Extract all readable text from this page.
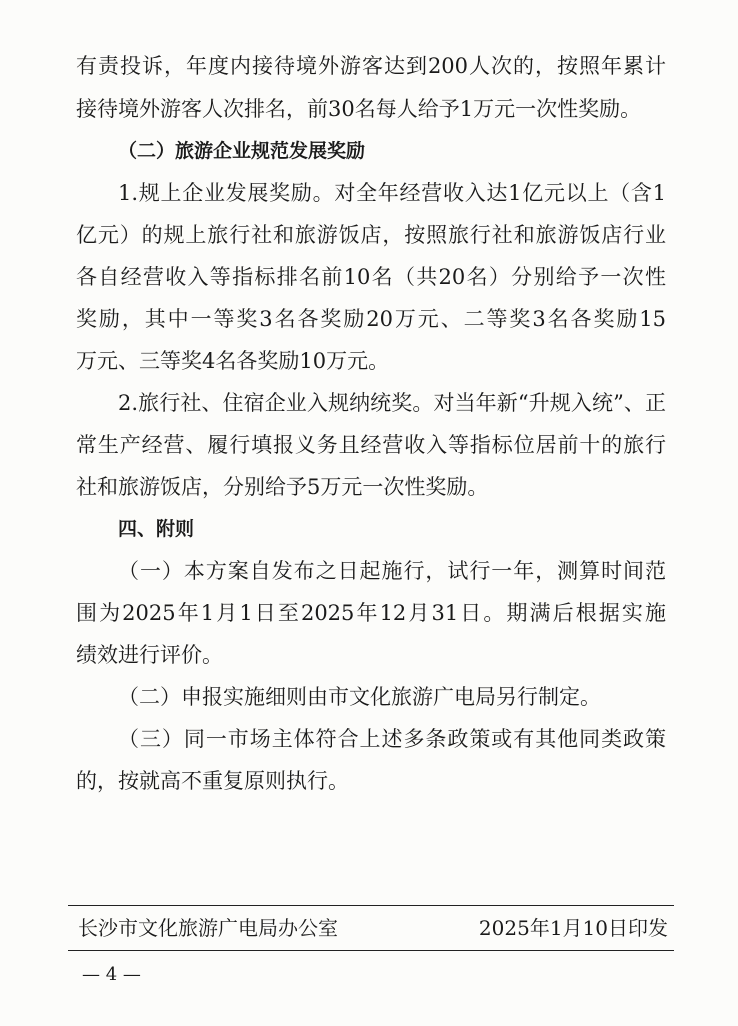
有责投诉，年度内接待境外游客达到200人次的，按照年累计
接待境外游客人次排名，前30名每人给予1万元一次性奖励。
（二）旅游企业规范发展奖励
1.规上企业发展奖励。对全年经营收入达1亿元以上（含1
亿元）的规上旅行社和旅游饭店，按照旅行社和旅游饭店行业
各自经营收入等指标排名前10名（共20名）分别给予一次性
奖励，其中一等奖3名各奖励20万元、二等奖3名各奖励15
万元、三等奖4名各奖励10万元。
2.旅行社、住宿企业入规纳统奖。对当年新“升规入统”、正
常生产经营、履行填报义务且经营收入等指标位居前十的旅行
社和旅游饭店，分别给予5万元一次性奖励。
四、附则
（一）本方案自发布之日起施行，试行一年，测算时间范
围为2025年1月1日至2025年12月31日。期满后根据实施
绩效进行评价。
（二）申报实施细则由市文化旅游广电局另行制定。
（三）同一市场主体符合上述多条政策或有其他同类政策
的，按就高不重复原则执行。
长沙市文化旅游广电局办公室	2025年1月10日印发
— 4 —
